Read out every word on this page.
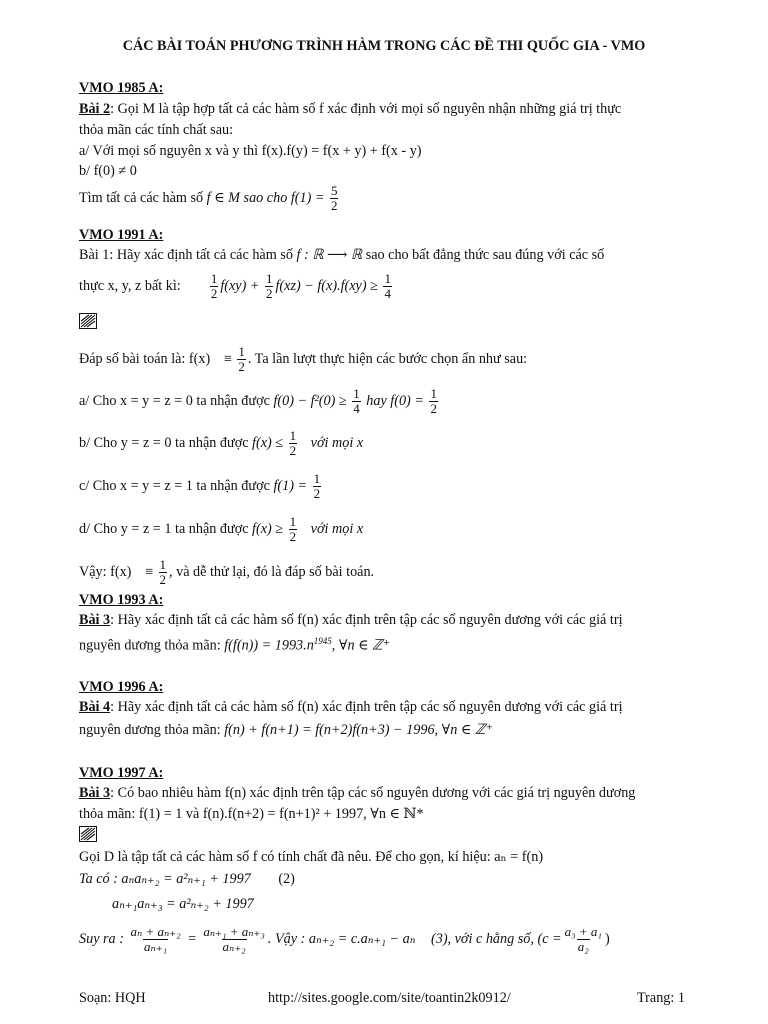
CÁC BÀI TOÁN PHƯƠNG TRÌNH HÀM TRONG CÁC ĐỀ THI QUỐC GIA - VMO
VMO 1985 A:
Bài 2: Gọi M là tập hợp tất cả các hàm số f xác định với mọi số nguyên nhận những giá trị thực
thỏa mãn các tính chất sau:
a/ Với mọi số nguyên x và y thì f(x).f(y) = f(x + y) + f(x - y)
b/ f(0) ≠ 0
Tìm tất cả các hàm số f ∈ M sao cho $f(1) = \frac{5}{2}$
VMO 1991 A:
Bài 1: Hãy xác định tất cả các hàm số f : ℝ ⟶ ℝ sao cho bất đẳng thức sau đúng với các số
thực x, y, z bất kì: $\frac{1}{2} f(xy) + \frac{1}{2} f(xz) - f(x).f(xy) \ge \frac{1}{4}$
Đáp số bài toán là: $f(x) \equiv \frac{1}{2}$ . Ta lần lượt thực hiện các bước chọn ẩn như sau:
a/ Cho x = y = z = 0 ta nhận được $f(0) - f^2(0) \ge \frac{1}{4}$ hay $f(0) = \frac{1}{2}$
b/ Cho y = z = 0 ta nhận được $f(x) \le \frac{1}{2}$ với mọi x
c/ Cho x = y = z = 1 ta nhận được $f(1) = \frac{1}{2}$
d/ Cho y = z = 1 ta nhận được $f(x) \ge \frac{1}{2}$ với mọi x
Vậy: $f(x) \equiv \frac{1}{2}$ , và dễ thử lại, đó là đáp số bài toán.
VMO 1993 A:
Bài 3: Hãy xác định tất cả các hàm số f(n) xác định trên tập các số nguyên dương với các giá trị
nguyên dương thỏa mãn: $f(f(n)) = 1993.n^{1945}$, ∀n ∈ ℤ⁺
VMO 1996 A:
Bài 4: Hãy xác định tất cả các hàm số f(n) xác định trên tập các số nguyên dương với các giá trị
nguyên dương thỏa mãn: f(n) + f(n+1) = f(n+2)f(n+3) − 1996, ∀n ∈ ℤ⁺
VMO 1997 A:
Bài 3: Có bao nhiêu hàm f(n) xác định trên tập các số nguyên dương với các giá trị nguyên dương
thỏa mãn: f(1) = 1 và f(n).f(n+2) = f(n+1)² + 1997, ∀n ∈ ℕ*
Gọi D là tập tất cả các hàm số f có tính chất đã nêu. Để cho gọn, kí hiệu: aₙ = f(n)
Ta có : aₙaₙ₊₂ = a²ₙ₊₁ + 1997 (2)
aₙ₊₁aₙ₊₃ = a²ₙ₊₂ + 1997
Suy ra : $\frac{\text{aₙ + aₙ₊₂}}{\text{aₙ₊₁}} = \frac{\text{aₙ₊₁ + aₙ₊₃}}{\text{aₙ₊₂}}$ . Vậy : aₙ₊₂ = c.aₙ₊₁ − aₙ (3), với c hằng số, ($c = \frac{\text{a₃ + a₁}}{\text{a₂}}$ )
Soạn: HQH	http://sites.google.com/site/toantin2k0912/	Trang: 1
